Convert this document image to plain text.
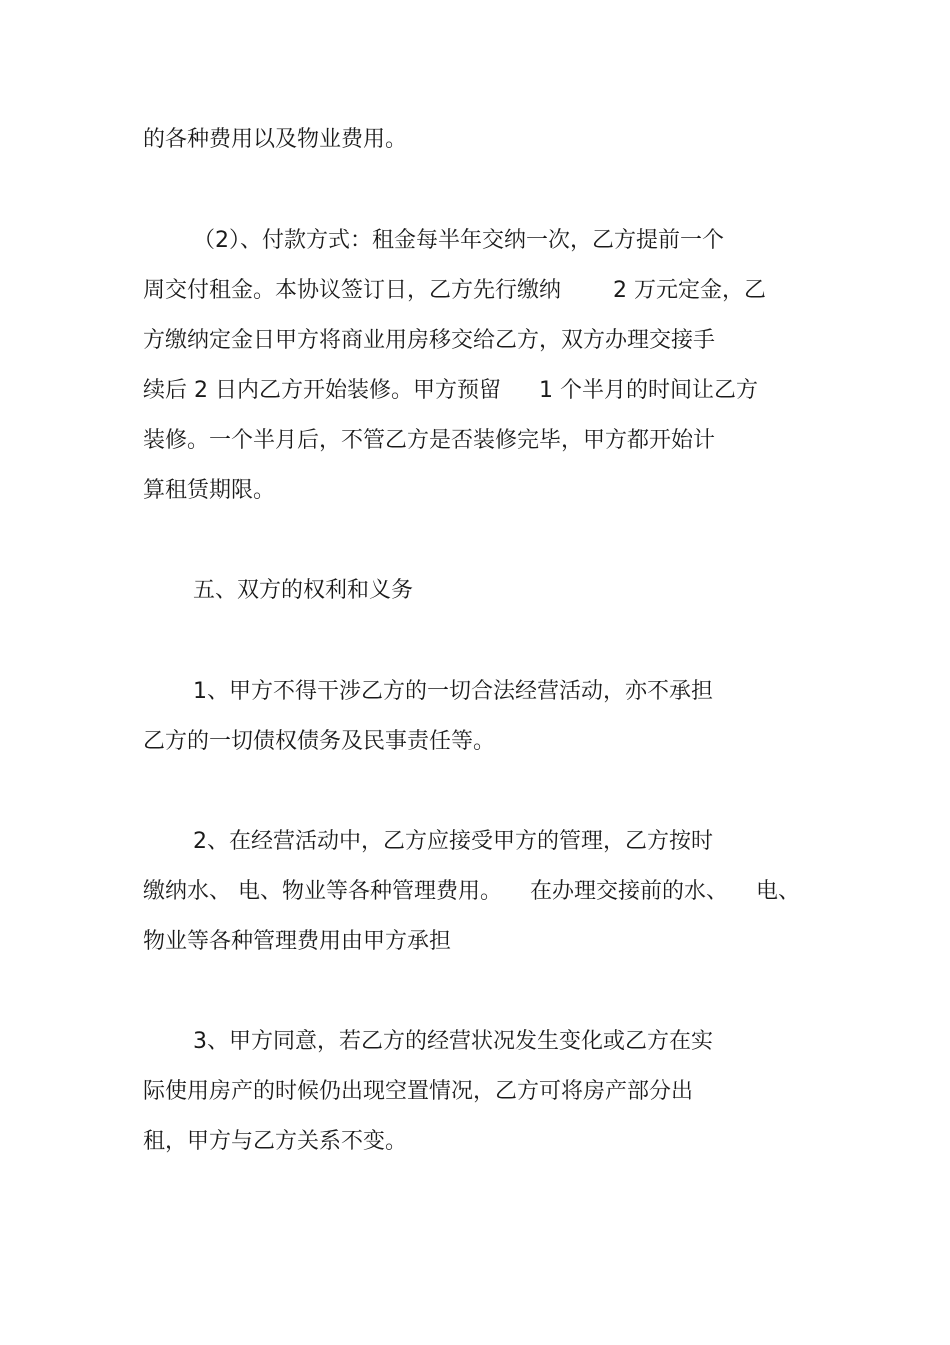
的各种费用以及物业费用。
（2）、付款方式：租金每半年交纳一次，乙方提前一个
周交付租金。本协议签订日，乙方先行缴纳 2 万元定金，乙
方缴纳定金日甲方将商业用房移交给乙方，双方办理交接手
续后 2 日内乙方开始装修。甲方预留 1 个半月的时间让乙方
装修。一个半月后，不管乙方是否装修完毕，甲方都开始计
算租赁期限。
五、双方的权利和义务
1、甲方不得干涉乙方的一切合法经营活动，亦不承担
乙方的一切债权债务及民事责任等。
2、在经营活动中，乙方应接受甲方的管理，乙方按时
缴纳水、 电、物业等各种管理费用。 在办理交接前的水、 电、
物业等各种管理费用由甲方承担
3、甲方同意，若乙方的经营状况发生变化或乙方在实
际使用房产的时候仍出现空置情况，乙方可将房产部分出
租，甲方与乙方关系不变。
